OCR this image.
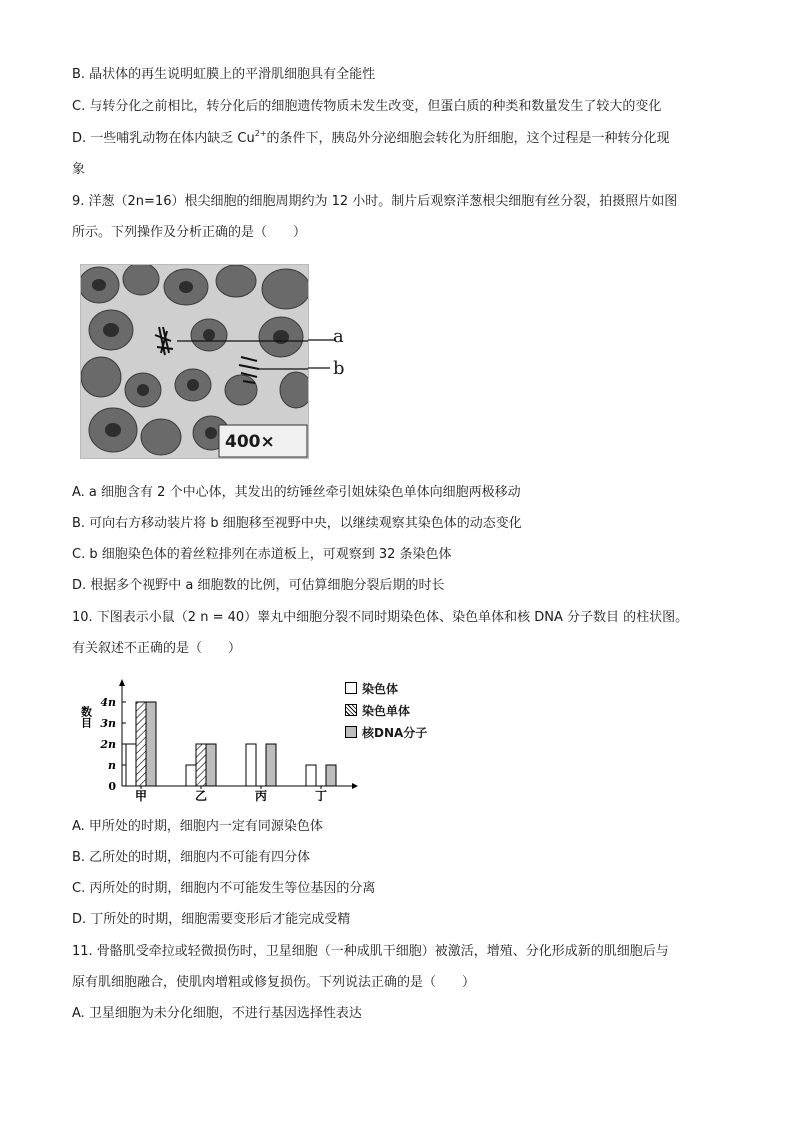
B. 晶状体的再生说明虹膜上的平滑肌细胞具有全能性
C. 与转分化之前相比，转分化后的细胞遗传物质未发生改变，但蛋白质的种类和数量发生了较大的变化
D. 一些哺乳动物在体内缺乏 $Cu^{2+}$的条件下，胰岛外分泌细胞会转化为肝细胞，这个过程是一种转分化现
象
9. 洋葱（2n=16）根尖细胞的细胞周期约为 12 小时。制片后观察洋葱根尖细胞有丝分裂，拍摄照片如图
所示。下列操作及分析正确的是（　　）
a
b
400×
A. a 细胞含有 2 个中心体，其发出的纺锤丝牵引姐妹染色单体向细胞两极移动
B. 可向右方移动装片将 b 细胞移至视野中央，以继续观察其染色体的动态变化
C. b 细胞染色体的着丝粒排列在赤道板上，可观察到 32 条染色体
D. 根据多个视野中 a 细胞数的比例，可估算细胞分裂后期的时长
10. 下图表示小鼠（2 n = 40）睾丸中细胞分裂不同时期染色体、染色单体和核 DNA 分子数目 的柱状图。
有关叙述不正确的是（　　）
数目
4n
3n
2n
n
0
甲	乙	丙	丁
染色体
染色单体
核DNA分子
A. 甲所处的时期，细胞内一定有同源染色体
B. 乙所处的时期，细胞内不可能有四分体
C. 丙所处的时期，细胞内不可能发生等位基因的分离
D. 丁所处的时期，细胞需要变形后才能完成受精
11. 骨骼肌受牵拉或轻微损伤时，卫星细胞（一种成肌干细胞）被激活，增殖、分化形成新的肌细胞后与
原有肌细胞融合，使肌肉增粗或修复损伤。下列说法正确的是（　　）
A. 卫星细胞为未分化细胞，不进行基因选择性表达
